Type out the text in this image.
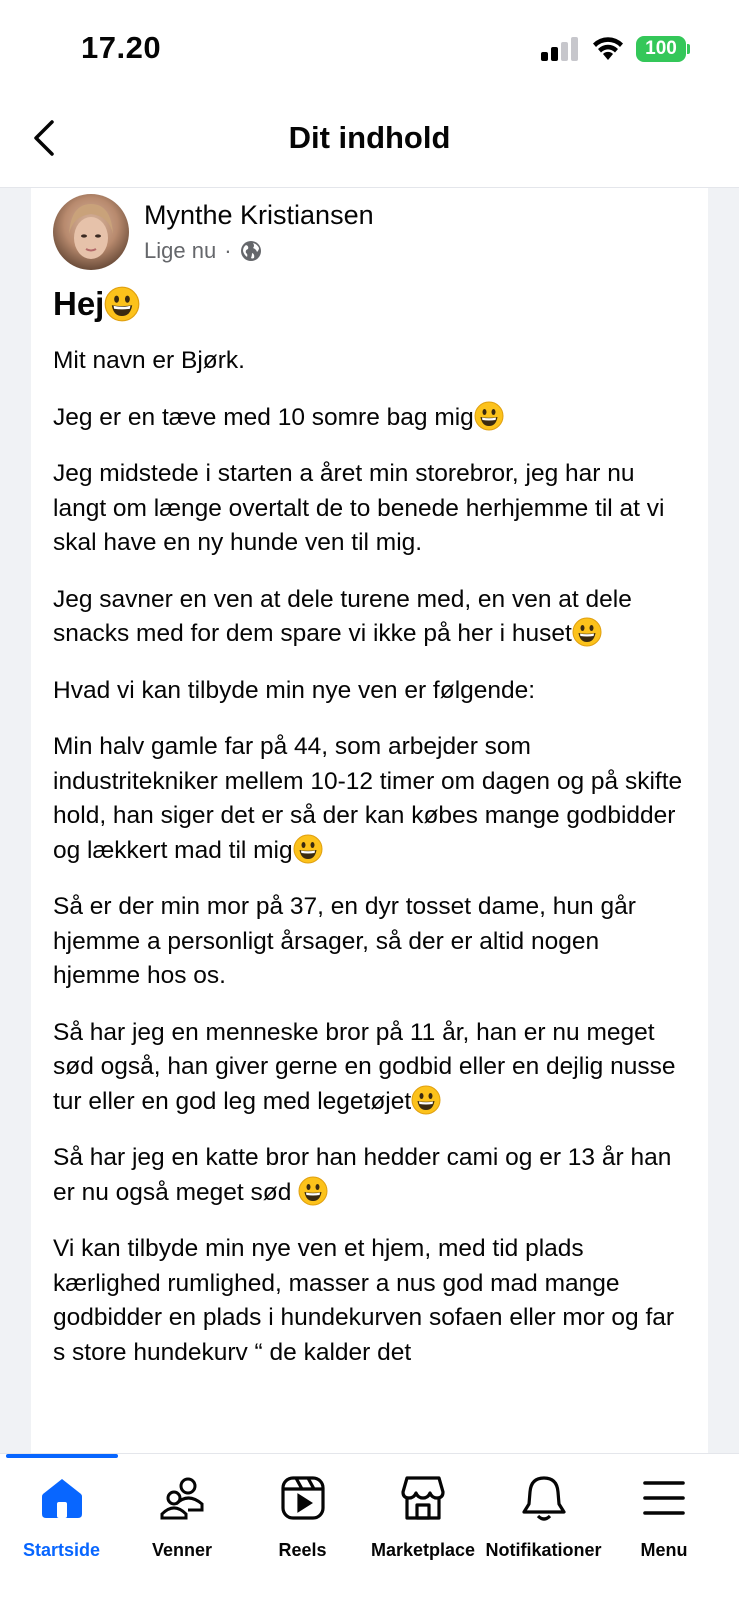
17.20	100
Dit indhold
Mynthe Kristiansen
Lige nu ·
Hej

Mit navn er Bjørk.

Jeg er en tæve med 10 somre bag mig

Jeg midstede i starten a året min storebror, jeg har nu langt om længe overtalt de to benede herhjemme til at vi skal have en ny hunde ven til mig.

Jeg savner en ven at dele turene med, en ven at dele snacks med for dem spare vi ikke på her i huset

Hvad vi kan tilbyde min nye ven er følgende:

Min halv gamle far på 44, som arbejder som industritekniker mellem 10-12 timer om dagen og på skifte hold, han siger det er så der kan købes mange godbidder og lækkert mad til mig

Så er der min mor på 37, en dyr tosset dame, hun går hjemme a personligt årsager, så der er altid nogen hjemme hos os.

Så har jeg en menneske bror på 11 år, han er nu meget sød også, han giver gerne en godbid eller en dejlig nusse tur eller en god leg med legetøjet

Så har jeg en katte bror han hedder cami og er 13 år han er nu også meget sød

Vi kan tilbyde min nye ven et hjem, med tid plads kærlighed rumlighed, masser a nus god mad mange godbidder en plads i hundekurven sofaen eller mor og far s store hundekurv “ de kalder det

Startside	Venner	Reels	Marketplace Notifikationer	Menu
